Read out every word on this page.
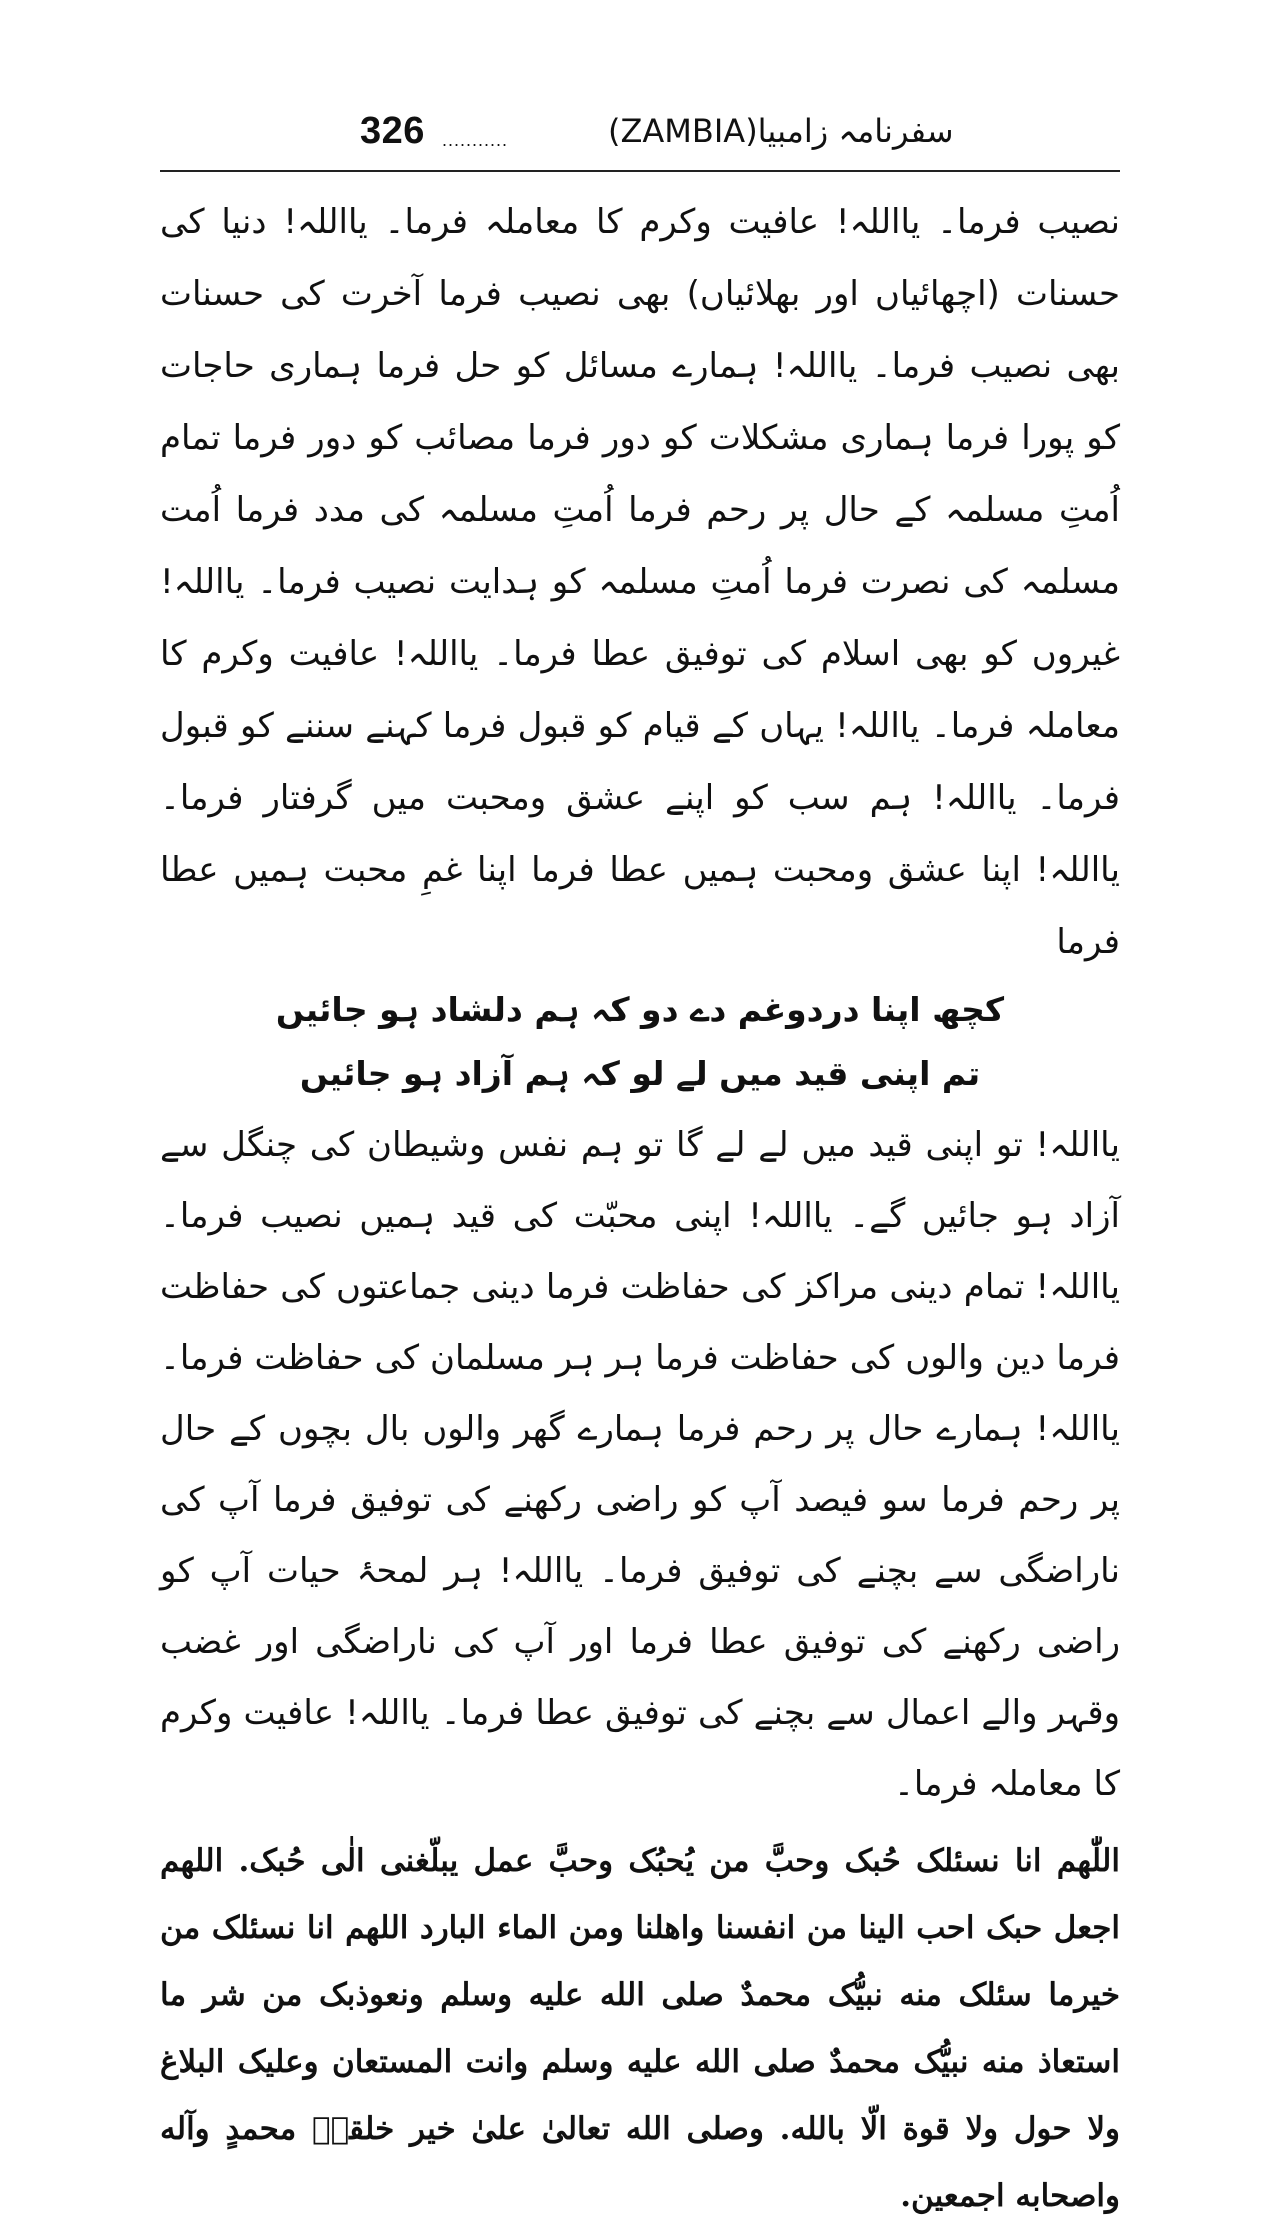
326 ...........	سفرنامہ زامبیا(ZAMBIA)

نصیب فرما۔ یااللہ! عافیت وکرم کا معاملہ فرما۔ یااللہ! دنیا کی حسنات (اچھائیاں اور بھلائیاں) بھی نصیب فرما آخرت کی حسنات بھی نصیب فرما۔ یااللہ! ہمارے مسائل کو حل فرما ہماری حاجات کو پورا فرما ہماری مشکلات کو دور فرما مصائب کو دور فرما تمام اُمتِ مسلمہ کے حال پر رحم فرما اُمتِ مسلمہ کی مدد فرما اُمت مسلمہ کی نصرت فرما اُمتِ مسلمہ کو ہدایت نصیب فرما۔ یااللہ! غیروں کو بھی اسلام کی توفیق عطا فرما۔ یااللہ! عافیت وکرم کا معاملہ فرما۔ یااللہ! یہاں کے قیام کو قبول فرما کہنے سننے کو قبول فرما۔ یااللہ! ہم سب کو اپنے عشق ومحبت میں گرفتار فرما۔ یااللہ! اپنا عشق ومحبت ہمیں عطا فرما اپنا غمِ محبت ہمیں عطا فرما

کچھ اپنا دردوغم دے دو کہ ہم دلشاد ہو جائیں

تم اپنی قید میں لے لو کہ ہم آزاد ہو جائیں

یااللہ! تو اپنی قید میں لے لے گا تو ہم نفس وشیطان کی چنگل سے آزاد ہو جائیں گے۔ یااللہ! اپنی محبّت کی قید ہمیں نصیب فرما۔ یااللہ! تمام دینی مراکز کی حفاظت فرما دینی جماعتوں کی حفاظت فرما دین والوں کی حفاظت فرما ہر ہر مسلمان کی حفاظت فرما۔ یااللہ! ہمارے حال پر رحم فرما ہمارے گھر والوں بال بچوں کے حال پر رحم فرما سو فیصد آپ کو راضی رکھنے کی توفیق فرما آپ کی ناراضگی سے بچنے کی توفیق فرما۔ یااللہ! ہر لمحۂ حیات آپ کو راضی رکھنے کی توفیق عطا فرما اور آپ کی ناراضگی اور غضب وقہر والے اعمال سے بچنے کی توفیق عطا فرما۔ یااللہ! عافیت وکرم کا معاملہ فرما۔

اللّٰھم انا نسئلک حُبک وحبَّ من یُحبُک وحبَّ عمل یبلّغنی الٰی حُبک. اللھم اجعل حبک احب الینا من انفسنا واھلنا ومن الماء البارد اللھم انا نسئلک من خیرما سئلک منه نبیُّک محمدٌ صلی الله علیه وسلم ونعوذبک من شر ما استعاذ منه نبیُّک محمدٌ صلی الله علیه وسلم وانت المستعان وعلیک البلاغ ولا حول ولا قوة الّا بالله. وصلی الله تعالیٰ علیٰ خیر خلقهٖ محمدٍ وآله واصحابه اجمعین.
